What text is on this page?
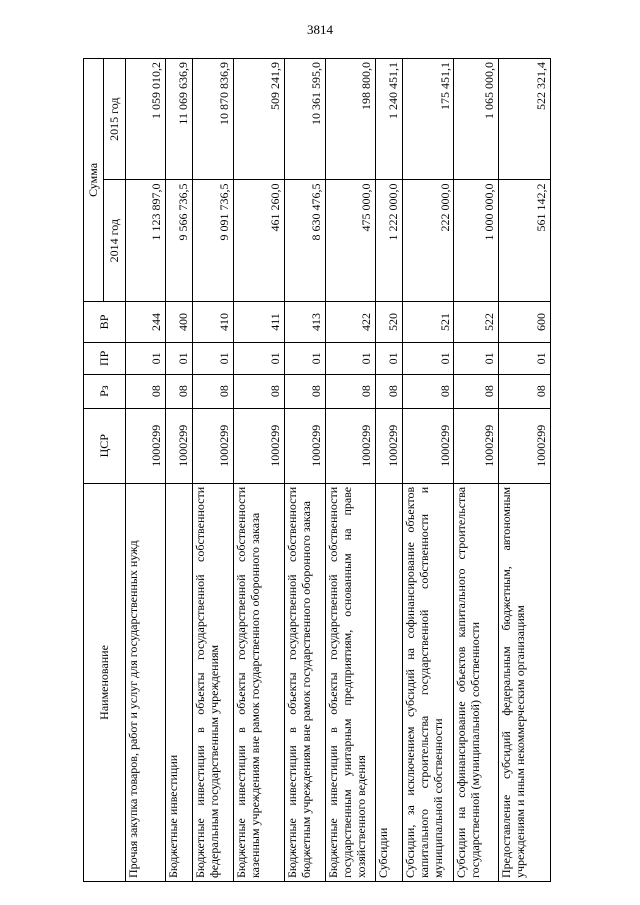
3814
Наименование	ЦСР	Рз	ПР	ВР	Сумма	
					2014 год	2015 год
Прочая закупка товаров, работ и услуг для государственных нужд	1000299	08	01	244	1 123 897,0	1 059 010,2
Бюджетные инвестиции	1000299	08	01	400	9 566 736,5	11 069 636,9
Бюджетные инвестиции в объекты государственной собственности федеральным государственным учреждениям	1000299	08	01	410	9 091 736,5	10 870 836,9
Бюджетные инвестиции в объекты государственной собственности казенным учреждениям вне рамок государственного оборонного заказа	1000299	08	01	411	461 260,0	509 241,9
Бюджетные инвестиции в объекты государственной собственности бюджетным учреждениям вне рамок государственного оборонного заказа	1000299	08	01	413	8 630 476,5	10 361 595,0
Бюджетные инвестиции в объекты государственной собственности государственным унитарным предприятиям, основанным на праве хозяйственного ведения	1000299	08	01	422	475 000,0	198 800,0
Субсидии	1000299	08	01	520	1 222 000,0	1 240 451,1
Субсидии, за исключением субсидий на софинансирование объектов капитального строительства государственной собственности и муниципальной собственности	1000299	08	01	521	222 000,0	175 451,1
Субсидии на софинансирование объектов капитального строительства государственной (муниципальной) собственности	1000299	08	01	522	1 000 000,0	1 065 000,0
Предоставление субсидий федеральным бюджетным, автономным учреждениям и иным некоммерческим организациям	1000299	08	01	600	561 142,2	522 321,4
